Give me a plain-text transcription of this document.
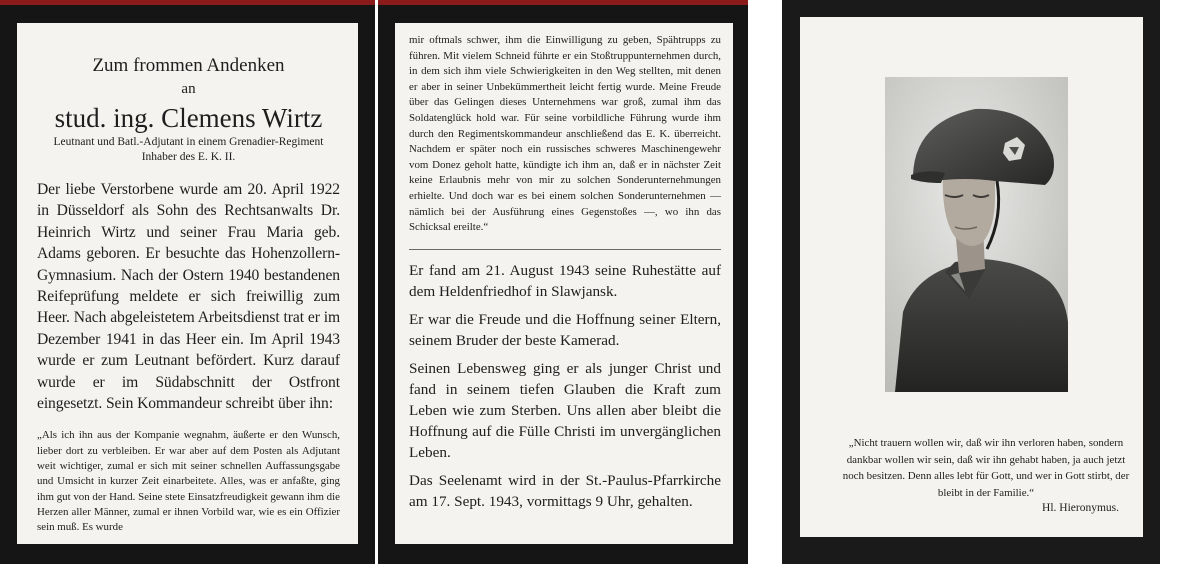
Zum frommen Andenken

an

stud. ing. Clemens Wirtz

Leutnant und Batl.-Adjutant in einem Grenadier-Regiment
Inhaber des E. K. II.

Der liebe Verstorbene wurde am 20. April 1922 in Düsseldorf als Sohn des Rechtsanwalts Dr. Heinrich Wirtz und seiner Frau Maria geb. Adams geboren. Er besuchte das Hohenzollern-Gymnasium. Nach der Ostern 1940 bestandenen Reifeprüfung meldete er sich freiwillig zum Heer. Nach abgeleistetem Arbeitsdienst trat er im Dezember 1941 in das Heer ein. Im April 1943 wurde er zum Leutnant befördert. Kurz darauf wurde er im Südabschnitt der Ostfront eingesetzt. Sein Kommandeur schreibt über ihn:

„Als ich ihn aus der Kompanie wegnahm, äußerte er den Wunsch, lieber dort zu verbleiben. Er war aber auf dem Posten als Adjutant weit wichtiger, zumal er sich mit seiner schnellen Auffassungsgabe und Umsicht in kurzer Zeit einarbeitete. Alles, was er anfaßte, ging ihm gut von der Hand. Seine stete Einsatzfreudigkeit gewann ihm die Herzen aller Männer, zumal er ihnen Vorbild war, wie es ein Offizier sein muß. Es wurde

mir oftmals schwer, ihm die Einwilligung zu geben, Spähtrupps zu führen. Mit vielem Schneid führte er ein Stoßtruppunternehmen durch, in dem sich ihm viele Schwierigkeiten in den Weg stellten, mit denen er aber in seiner Unbekümmertheit leicht fertig wurde. Meine Freude über das Gelingen dieses Unternehmens war groß, zumal ihm das Soldatenglück hold war. Für seine vorbildliche Führung wurde ihm durch den Regimentskommandeur anschließend das E. K. überreicht. Nachdem er später noch ein russisches schweres Maschinengewehr vom Donez geholt hatte, kündigte ich ihm an, daß er in nächster Zeit keine Erlaubnis mehr von mir zu solchen Sonderunternehmungen erhielte. Und doch war es bei einem solchen Sonderunternehmen — nämlich bei der Ausführung eines Gegenstoßes —, wo ihn das Schicksal ereilte.“

Er fand am 21. August 1943 seine Ruhestätte auf dem Heldenfriedhof in Slawjansk.

Er war die Freude und die Hoffnung seiner Eltern, seinem Bruder der beste Kamerad.

Seinen Lebensweg ging er als junger Christ und fand in seinem tiefen Glauben die Kraft zum Leben wie zum Sterben. Uns allen aber bleibt die Hoffnung auf die Fülle Christi im unvergänglichen Leben.

Das Seelenamt wird in der St.-Paulus-Pfarrkirche am 17. Sept. 1943, vormittags 9 Uhr, gehalten.

„Nicht trauern wollen wir, daß wir ihn verloren haben, sondern dankbar wollen wir sein, daß wir ihn gehabt haben, ja auch jetzt noch besitzen. Denn alles lebt für Gott, und wer in Gott stirbt, der bleibt in der Familie.“
Hl. Hieronymus.
